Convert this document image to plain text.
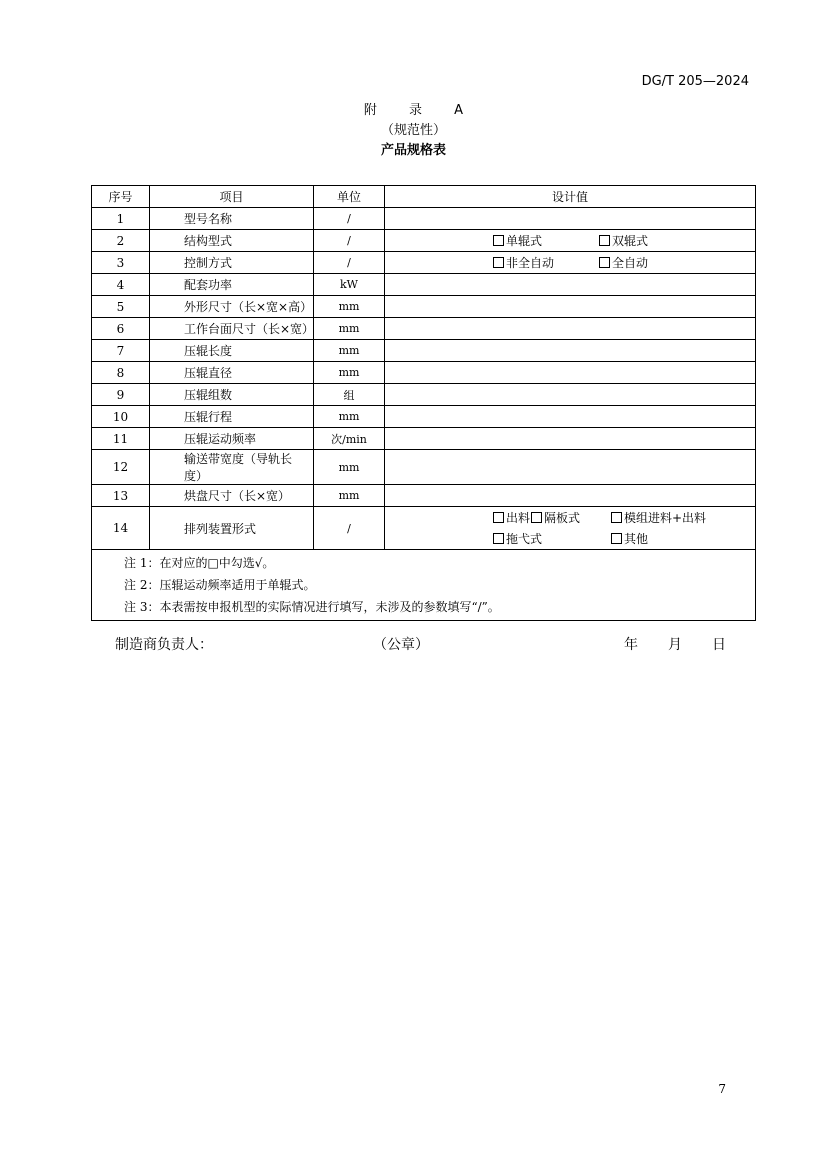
DG/T 205—2024
附 录 A
（规范性）
产品规格表
序号	项目	单位	设计值
1	型号名称	/	
2	结构型式	/	单辊式 双辊式

3	控制方式	/	非全自动 全自动

4	配套功率	kW	
5	外形尺寸（长×宽×高）	mm	
6	工作台面尺寸（长×宽）	mm	
7	压辊长度	mm	
8	压辊直径	mm	
9	压辊组数	组	
10	压辊行程	mm	
11	压辊运动频率	次/min	
12	输送带宽度（导轨长度）	mm	
13	烘盘尺寸（长×宽）	mm	
14	排列装置形式	/	出料 隔板式 模组进料+出料
拖弋式 其他

注 1：在对应的□中勾选√。
注 2：压辊运动频率适用于单辊式。
注 3：本表需按申报机型的实际情况进行填写，未涉及的参数填写“/”。			
制造商负责人：	（公章）	年 月 日
7
